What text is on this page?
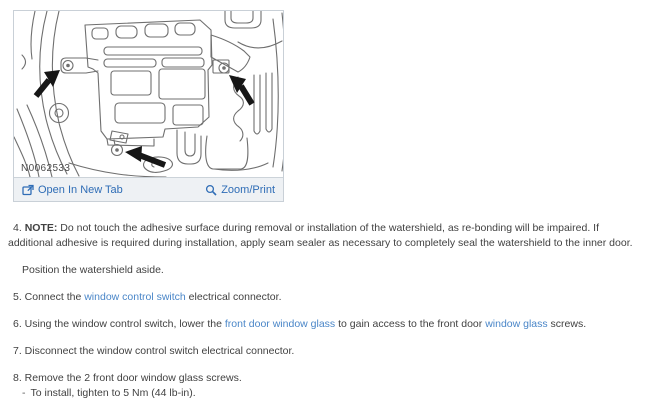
N0062533
Open In New Tab	Zoom/Print

4. NOTE: Do not touch the adhesive surface during removal or installation of the watershield, as re-bonding will be impaired. If additional adhesive is required during installation, apply seam sealer as necessary to completely seal the watershield to the inner door.

Position the watershield aside.

5. Connect the window control switch electrical connector.

6. Using the window control switch, lower the front door window glass to gain access to the front door window glass screws.

7. Disconnect the window control switch electrical connector.

8. Remove the 2 front door window glass screws.
- To install, tighten to 5 Nm (44 lb-in).
